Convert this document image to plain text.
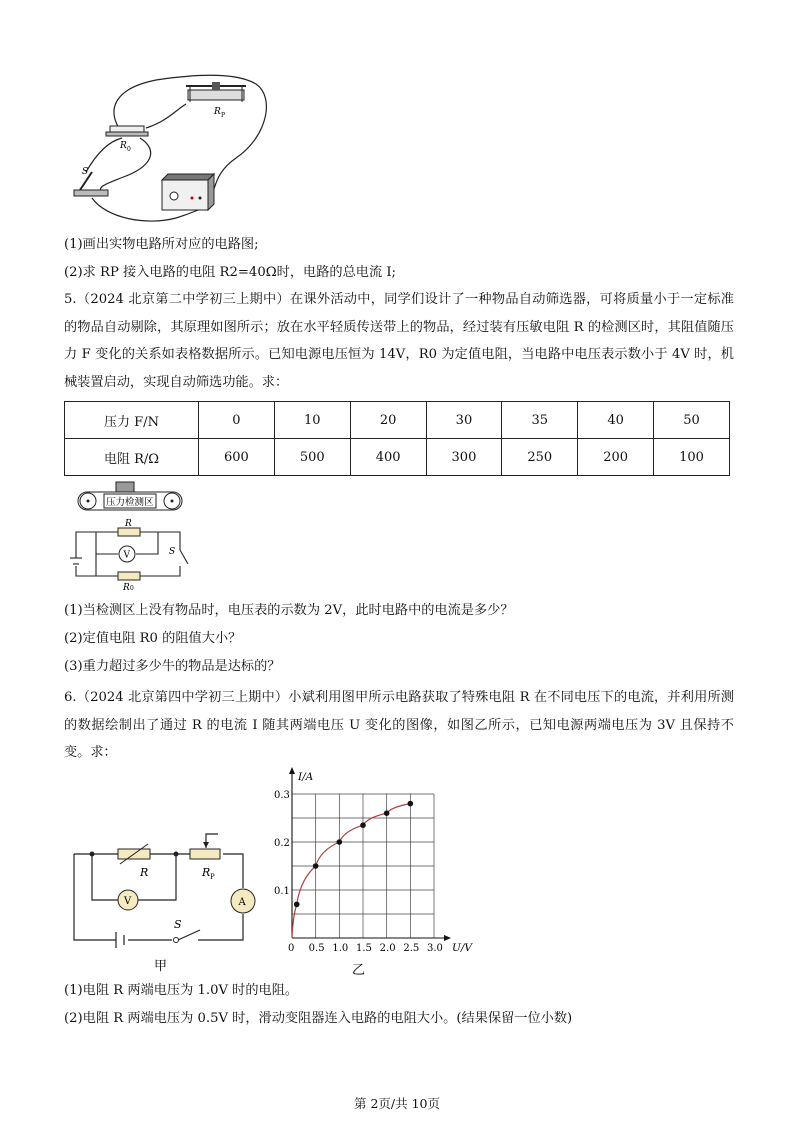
R P
R 0
S
(1)画出实物电路所对应的电路图;
(2)求 RP 接入电路的电阻 R2=40Ω时，电路的总电流 I;
5.（2024 北京第二中学初三上期中）在课外活动中，同学们设计了一种物品自动筛选器，可将质量小于一定标准的物品自动剔除，其原理如图所示；放在水平轻质传送带上的物品，经过装有压敏电阻 R 的检测区时，其阻值随压力 F 变化的关系如表格数据所示。已知电源电压恒为 14V，R0 为定值电阻，当电路中电压表示数小于 4V 时，机械装置启动，实现自动筛选功能。求：
压力 F/N	0	10	20	30	35	40	50
电阻 R/Ω	600	500	400	300	250	200	100
压力检测区
R
V	S
R 0
(1)当检测区上没有物品时，电压表的示数为 2V，此时电路中的电流是多少？
(2)定值电阻 R0 的阻值大小？
(3)重力超过多少牛的物品是达标的？
6.（2024 北京第四中学初三上期中）小斌利用图甲所示电路获取了特殊电阻 R 在不同电压下的电流，并利用所测的数据绘制出了通过 R 的电流 I 随其两端电压 U 变化的图像，如图乙所示，已知电源两端电压为 3V 且保持不变。求：
R	R P
V	A
S
甲
I/A
U/V
0 0.5 1.0 1.5 2.0 2.5 3.0
0.1
0.2
0.3
乙
(1)电阻 R 两端电压为 1.0V 时的电阻。
(2)电阻 R 两端电压为 0.5V 时，滑动变阻器连入电路的电阻大小。(结果保留一位小数)
第 2页/共 10页
